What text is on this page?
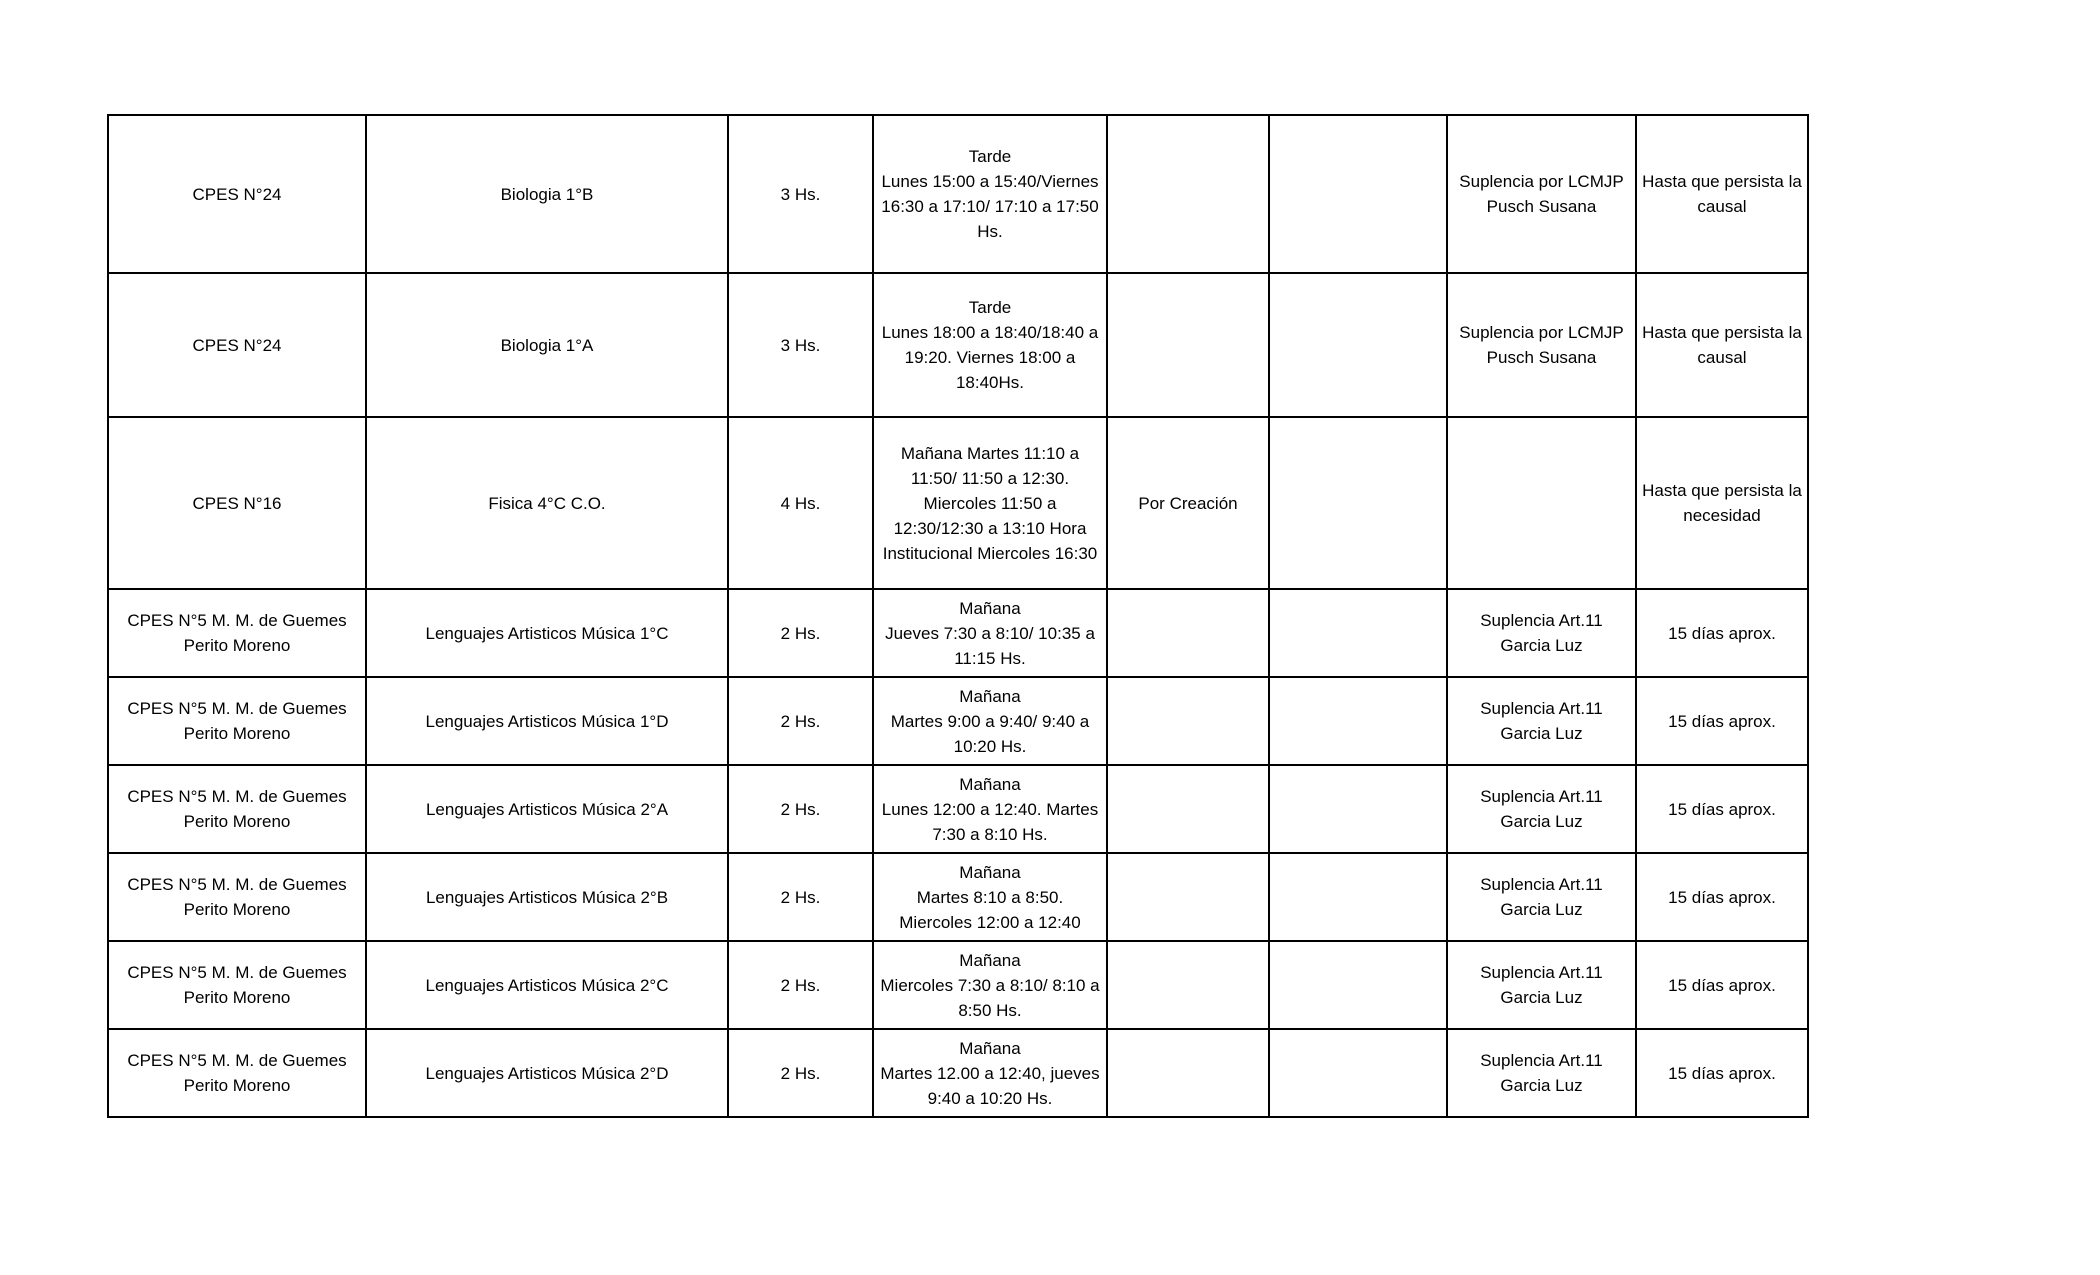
CPES N°24	Biologia 1°B	3 Hs.	Tarde
Lunes 15:00 a 15:40/Viernes
16:30 a 17:10/ 17:10 a 17:50
Hs.			Suplencia por LCMJP
Pusch Susana	Hasta que persista la
causal

CPES N°24	Biologia 1°A	3 Hs.	Tarde
Lunes 18:00 a 18:40/18:40 a
19:20. Viernes 18:00 a
18:40Hs.			Suplencia por LCMJP
Pusch Susana	Hasta que persista la
causal

CPES N°16	Fisica 4°C C.O.	4 Hs.	Mañana Martes 11:10 a
11:50/ 11:50 a 12:30.
Miercoles 11:50 a
12:30/12:30 a 13:10 Hora
Institucional Miercoles 16:30	Por Creación			Hasta que persista la
necesidad

CPES N°5 M. M. de Guemes
Perito Moreno	Lenguajes Artisticos Música 1°C	2 Hs.	Mañana
Jueves 7:30 a 8:10/ 10:35 a
11:15 Hs.			Suplencia Art.11
Garcia Luz	15 días aprox.

CPES N°5 M. M. de Guemes
Perito Moreno	Lenguajes Artisticos Música 1°D	2 Hs.	Mañana
Martes 9:00 a 9:40/ 9:40 a
10:20 Hs.			Suplencia Art.11
Garcia Luz	15 días aprox.

CPES N°5 M. M. de Guemes
Perito Moreno	Lenguajes Artisticos Música 2°A	2 Hs.	Mañana
Lunes 12:00 a 12:40. Martes
7:30 a 8:10 Hs.			Suplencia Art.11
Garcia Luz	15 días aprox.

CPES N°5 M. M. de Guemes
Perito Moreno	Lenguajes Artisticos Música 2°B	2 Hs.	Mañana
Martes 8:10 a 8:50.
Miercoles 12:00 a 12:40			Suplencia Art.11
Garcia Luz	15 días aprox.

CPES N°5 M. M. de Guemes
Perito Moreno	Lenguajes Artisticos Música 2°C	2 Hs.	Mañana
Miercoles 7:30 a 8:10/ 8:10 a
8:50 Hs.			Suplencia Art.11
Garcia Luz	15 días aprox.

CPES N°5 M. M. de Guemes
Perito Moreno	Lenguajes Artisticos Música 2°D	2 Hs.	Mañana
Martes 12.00 a 12:40, jueves
9:40 a 10:20 Hs.			Suplencia Art.11
Garcia Luz	15 días aprox.
